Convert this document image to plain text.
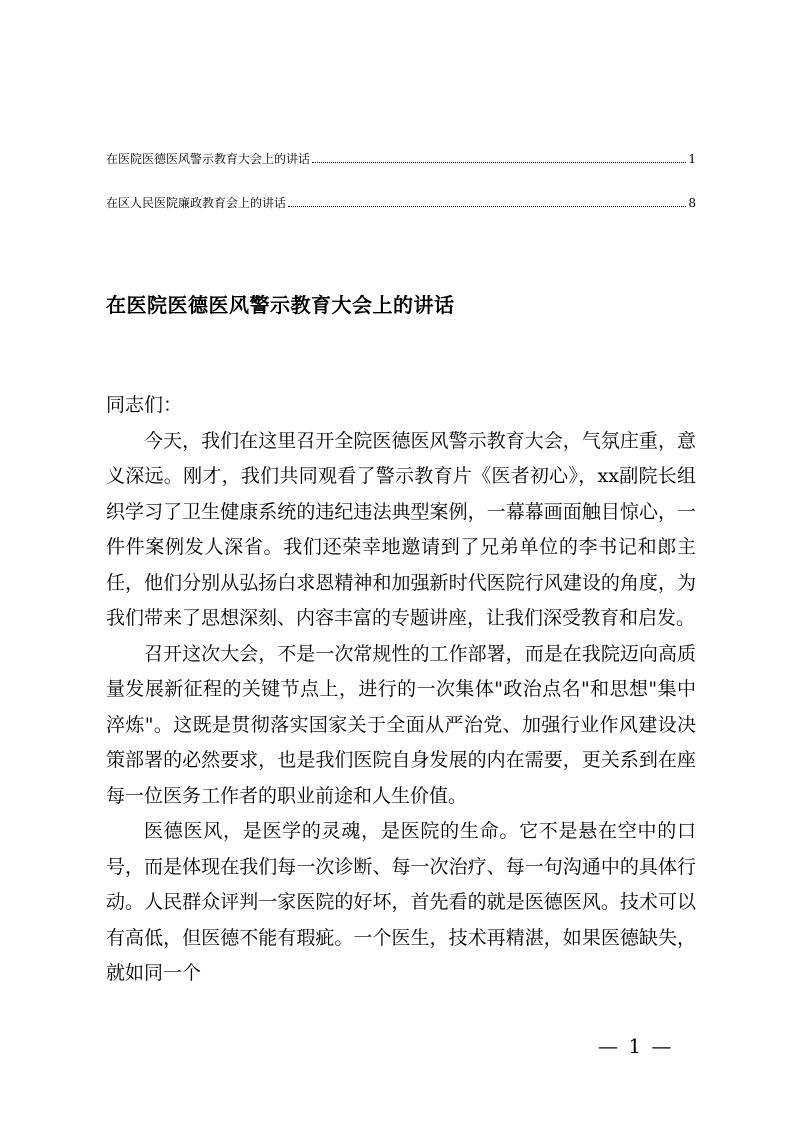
在医院医德医风警示教育大会上的讲话	1
在区人民医院廉政教育会上的讲话	8
在医院医德医风警示教育大会上的讲话

同志们：

今天，我们在这里召开全院医德医风警示教育大会，气氛庄重，意义深远。刚才，我们共同观看了警示教育片《医者初心》，xx副院长组织学习了卫生健康系统的违纪违法典型案例，一幕幕画面触目惊心，一件件案例发人深省。我们还荣幸地邀请到了兄弟单位的李书记和郎主任，他们分别从弘扬白求恩精神和加强新时代医院行风建设的角度，为我们带来了思想深刻、内容丰富的专题讲座，让我们深受教育和启发。

召开这次大会，不是一次常规性的工作部署，而是在我院迈向高质量发展新征程的关键节点上，进行的一次集体"政治点名"和思想"集中淬炼"。这既是贯彻落实国家关于全面从严治党、加强行业作风建设决策部署的必然要求，也是我们医院自身发展的内在需要，更关系到在座每一位医务工作者的职业前途和人生价值。

医德医风，是医学的灵魂，是医院的生命。它不是悬在空中的口号，而是体现在我们每一次诊断、每一次治疗、每一句沟通中的具体行动。人民群众评判一家医院的好坏，首先看的就是医德医风。技术可以有高低，但医德不能有瑕疵。一个医生，技术再精湛，如果医德缺失，就如同一个

— 1 —
